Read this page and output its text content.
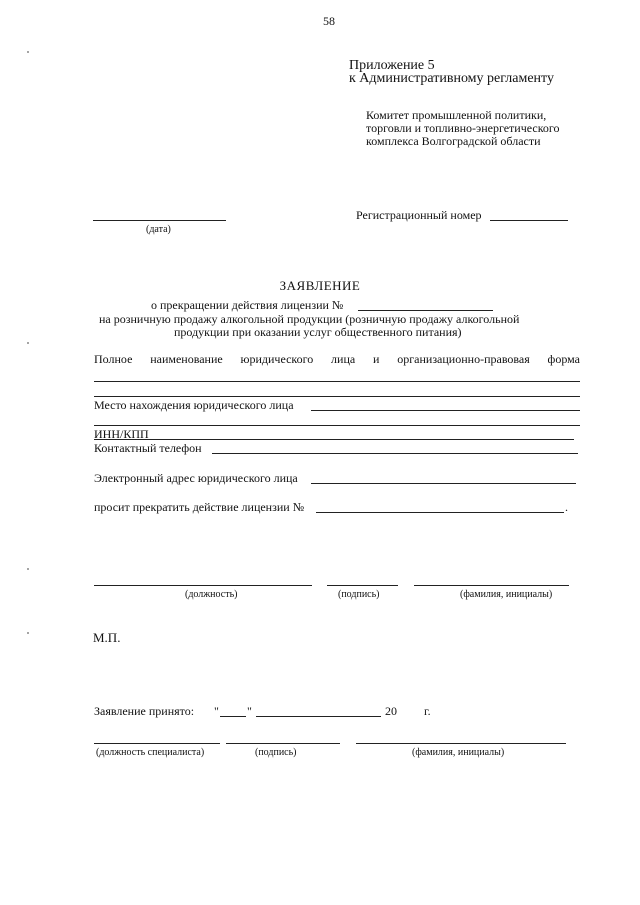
58
Приложение 5
к Административному регламенту
Комитет промышленной политики,
торговли и топливно-энергетического
комплекса Волгоградской области
(дата)
Регистрационный номер
ЗАЯВЛЕНИЕ
о прекращении действия лицензии №
на розничную продажу алкогольной продукции (розничную продажу алкогольной
продукции при оказании услуг общественного питания)
Полное наименование юридического лица и организационно-правовая форма
Место нахождения юридического лица
ИНН/КПП
Контактный телефон
Электронный адрес юридического лица
просит прекратить действие лицензии №	.
(должность)	(подпись)	(фамилия, инициалы)
М.П.
Заявление принято: " "	20 г.
(должность специалиста)	(подпись)	(фамилия, инициалы)
